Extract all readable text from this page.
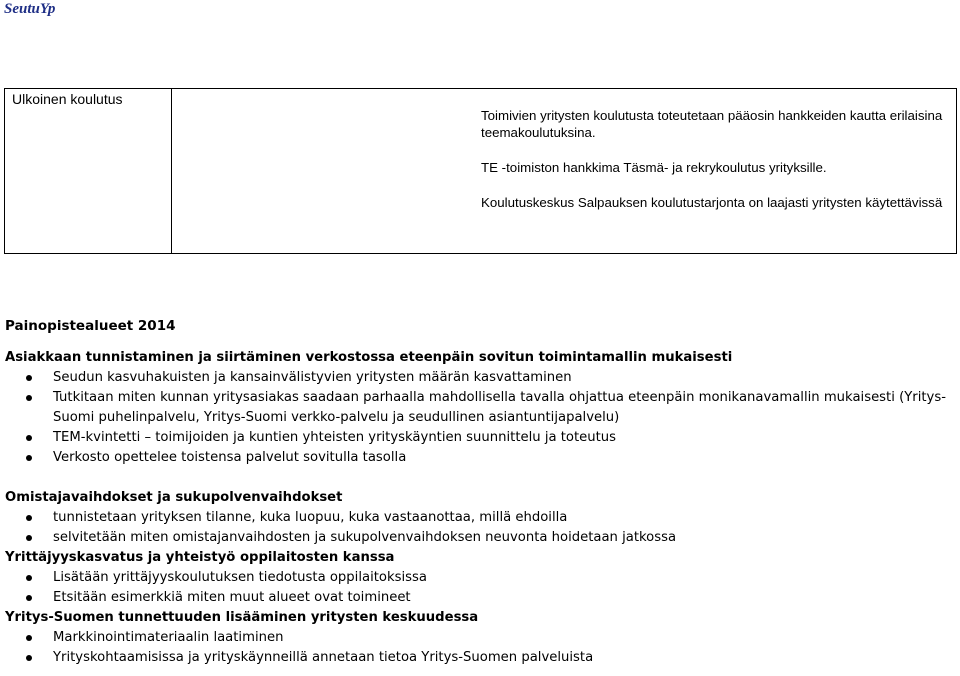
SeutuYp
Ulkoinen koulutus

Toimivien yritysten koulutusta toteutetaan pääosin hankkeiden kautta erilaisina teemakoulutuksina.

TE -toimiston hankkima Täsmä- ja rekrykoulutus yrityksille.

Koulutuskeskus Salpauksen koulutustarjonta on laajasti yritysten käytettävissä

Painopistealueet 2014
Asiakkaan tunnistaminen ja siirtäminen verkostossa eteenpäin sovitun toimintamallin mukaisesti
Seudun kasvuhakuisten ja kansainvälistyvien yritysten määrän kasvattaminen
Tutkitaan miten kunnan yritysasiakas saadaan parhaalla mahdollisella tavalla ohjattua eteenpäin monikanavamallin mukaisesti (Yritys-Suomi puhelinpalvelu, Yritys-Suomi verkko-palvelu ja seudullinen asiantuntijapalvelu)
TEM-kvintetti – toimijoiden ja kuntien yhteisten yrityskäyntien suunnittelu ja toteutus
Verkosto opettelee toistensa palvelut sovitulla tasolla
Omistajavaihdokset ja sukupolvenvaihdokset
tunnistetaan yrityksen tilanne, kuka luopuu, kuka vastaanottaa, millä ehdoilla
selvitetään miten omistajanvaihdosten ja sukupolvenvaihdoksen neuvonta hoidetaan jatkossa
Yrittäjyyskasvatus ja yhteistyö oppilaitosten kanssa
Lisätään yrittäjyyskoulutuksen tiedotusta oppilaitoksissa
Etsitään esimerkkiä miten muut alueet ovat toimineet
Yritys-Suomen tunnettuuden lisääminen yritysten keskuudessa
Markkinointimateriaalin laatiminen
Yrityskohtaamisissa ja yrityskäynneillä annetaan tietoa Yritys-Suomen palveluista
